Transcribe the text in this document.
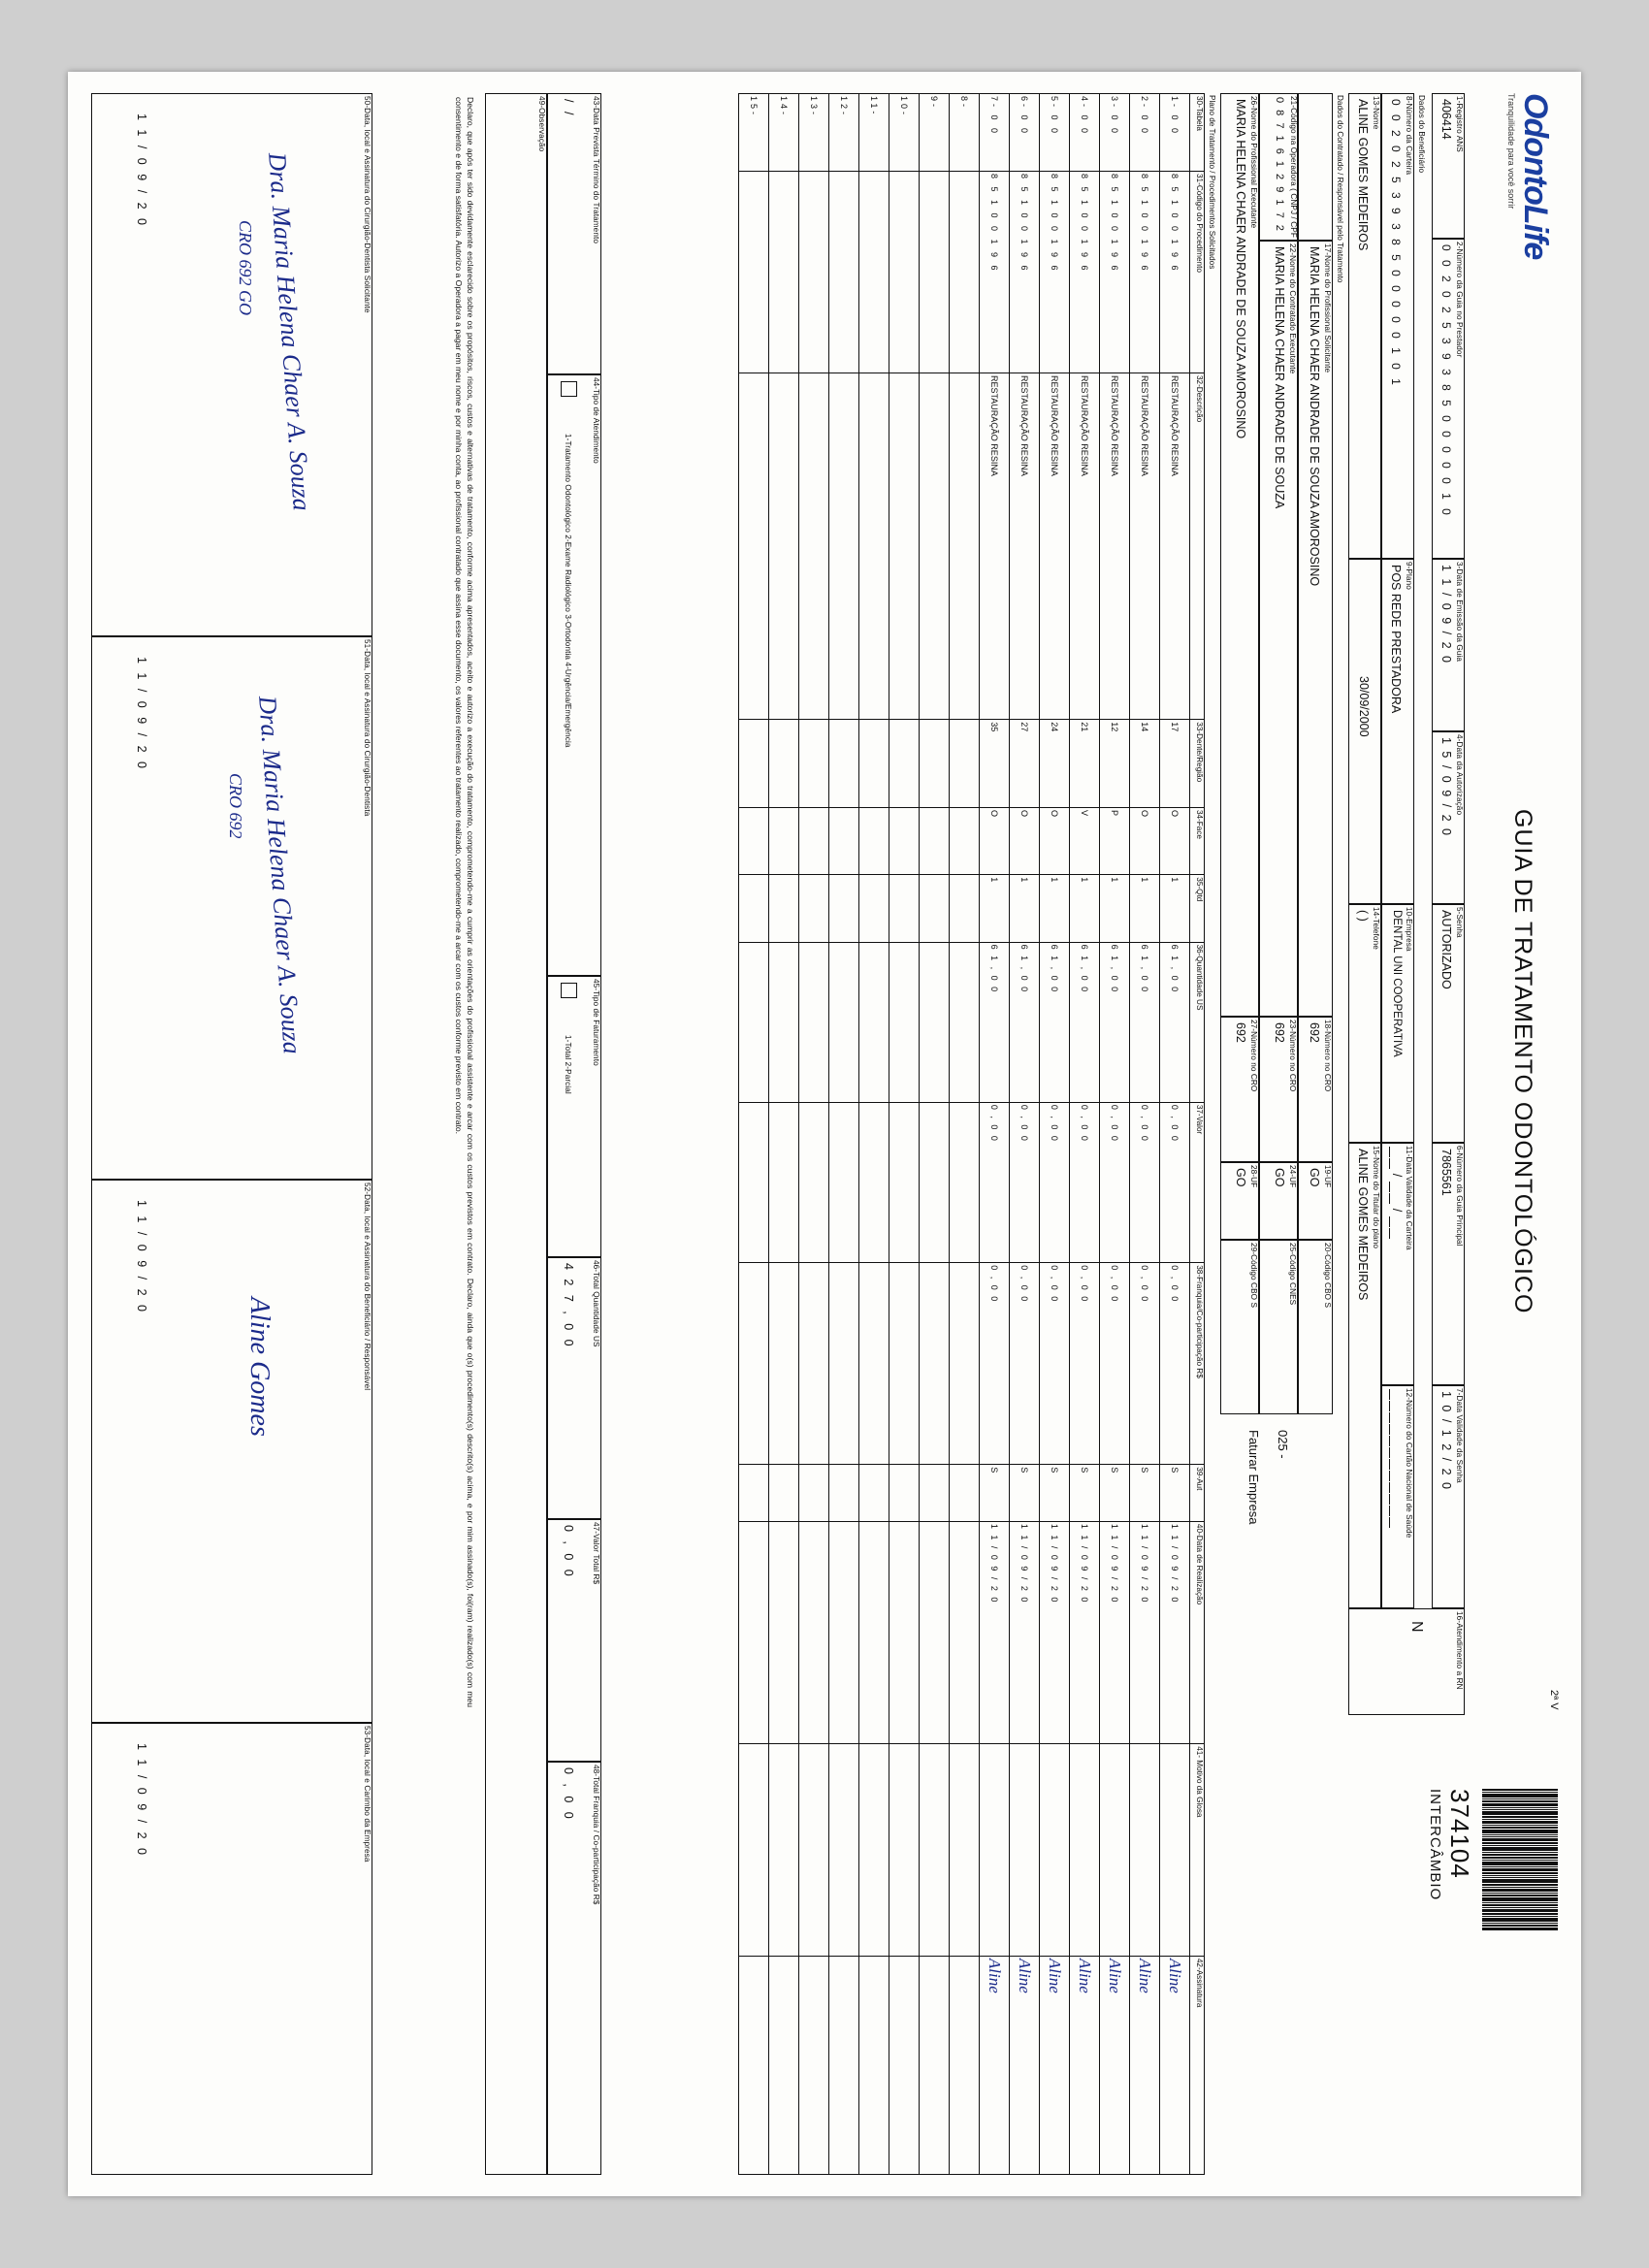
OdontoLife
Tranquilidade para você sorrir
GUIA DE TRATAMENTO ODONTOLÓGICO
2ª V
374104
INTERCÂMBIO
1-Registro ANS
406414
2-Número da Guia no Prestador
0 0 2 0 2 5 3 9 3 8 5 0 0 0 0 0 1 0
3-Data de Emissão da Guia
1 1 / 0 9 / 2 0
4-Data da Autorização
1 5 / 0 9 / 2 0
5-Senha
AUTORIZADO
6-Número da Guia Principal
7865561
7-Data Validade da Senha
1 0 / 1 2 / 2 0
Dados do Beneficiário
8-Número da Carteira
0 0 2 0 2 5 3 9 3 8 5 0 0 0 0 0 1 0 1
9-Plano
POS REDE PRESTADORA
10-Empresa
DENTAL UNI COOPERATIVA
11-Data Validade da Carteira
/  /
12-Número do Cartão Nacional de Saúde

13-Nome
ALINE GOMES MEDEIROS
30/09/2000
14-Telefone
( )
15-Nome do Titular do plano
ALINE GOMES MEDEIROS
16-Atendimento a RN
N
Dados do Contratado / Responsável pelo Tratamento
21-Código na Operadora ( CNPJ / CPF
17-Nome do Profissional Solicitante
MARIA HELENA CHAER ANDRADE DE SOUZA AMOROSINO
18-Número no CRO
692
19-UF
GO
20-Código CBO S
0 8 7 1 6 1 2 9 1 7 2
22-Nome do Contratado Executante
MARIA HELENA CHAER ANDRADE DE SOUZA
23-Número no CRO
692
24-UF
GO
25-Código CNES
26-Nome do Profissional Executante
MARIA HELENA CHAER ANDRADE DE SOUZA AMOROSINO
27-Número no CRO
692
28-UF
GO
29-Código CBO S
025 -
Faturar Empresa
Plano de Tratamento / Procedimentos Solicitados
30-Tabela	31-Código do Procedimento	32-Descrição	33-Dente/Região	34-Face	35-Qtd	36-Quantidade US	37-Valor	38-Franquia/Co-participação R$	39-Aut	40-Data de Realização	41- Motivo da Glosa	42-Assinatura
1- 0 0	8 5 1 0 0 1 9 6	RESTAURAÇÃO RESINA	17	O	1	6 1 , 0 0	0 , 0 0	0 , 0 0	S	1 1 / 0 9 / 2 0		Aline
2- 0 0	8 5 1 0 0 1 9 6	RESTAURAÇÃO RESINA	14	O	1	6 1 , 0 0	0 , 0 0	0 , 0 0	S	1 1 / 0 9 / 2 0		Aline
3- 0 0	8 5 1 0 0 1 9 6	RESTAURAÇÃO RESINA	12	P	1	6 1 , 0 0	0 , 0 0	0 , 0 0	S	1 1 / 0 9 / 2 0		Aline
4- 0 0	8 5 1 0 0 1 9 6	RESTAURAÇÃO RESINA	21	V	1	6 1 , 0 0	0 , 0 0	0 , 0 0	S	1 1 / 0 9 / 2 0		Aline
5- 0 0	8 5 1 0 0 1 9 6	RESTAURAÇÃO RESINA	24	O	1	6 1 , 0 0	0 , 0 0	0 , 0 0	S	1 1 / 0 9 / 2 0		Aline
6- 0 0	8 5 1 0 0 1 9 6	RESTAURAÇÃO RESINA	27	O	1	6 1 , 0 0	0 , 0 0	0 , 0 0	S	1 1 / 0 9 / 2 0		Aline
7- 0 0	8 5 1 0 0 1 9 6	RESTAURAÇÃO RESINA	35	O	1	6 1 , 0 0	0 , 0 0	0 , 0 0	S	1 1 / 0 9 / 2 0		Aline
8-												
9-												
10-												
11-												
12-												
13-												
14-												
15-												
43-Data Prevista Término do Tratamento
/ /
44-Tipo de Atendimento
1-Tratamento Odontológico 2-Exame Radiológico 3-Ortodontia 4-Urgência/Emergência
45-Tipo de Faturamento
1-Total 2-Parcial
46-Total Quantidade US
4 2 7 , 0 0
47-Valor Total R$
0 , 0 0
48-Total Franquia / Co-participação R$
0 , 0 0
49-Observação
Declaro, que após ter sido devidamente esclarecido sobre os propósitos, riscos, custos e alternativas de tratamento, conforme acima apresentados, aceito e autorizo a execução do tratamento, comprometendo-me a cumprir as orientações do profissional assistente e arcar com os custos previstos em contrato. Declaro, ainda que o(s) procedimento(s) descrito(s) acima, e por mim assinado(s), foi(ram) realizado(s) com meu consentimento e de forma satisfatória. Autorizo a Operadora a pagar em meu nome e por minha conta, ao profissional contratado que assina esse documento, os valores referentes ao tratamento realizado, comprometendo-me a arcar com os custos conforme previsto em contrato.
50-Data, local e Assinatura do Cirurgião-Dentista Solicitante
1 1 / 0 9 / 2 0	Dra. Maria Helena Chaer A. Souza
CRO 692 GO
51-Data, local e Assinatura do Cirurgião-Dentista
1 1 / 0 9 / 2 0	Dra. Maria Helena Chaer A. Souza
CRO 692
52-Data, local e Assinatura do Beneficiário / Responsável
1 1 / 0 9 / 2 0
Aline Gomes
53-Data, local e Carimbo da Empresa
1 1 / 0 9 / 2 0
